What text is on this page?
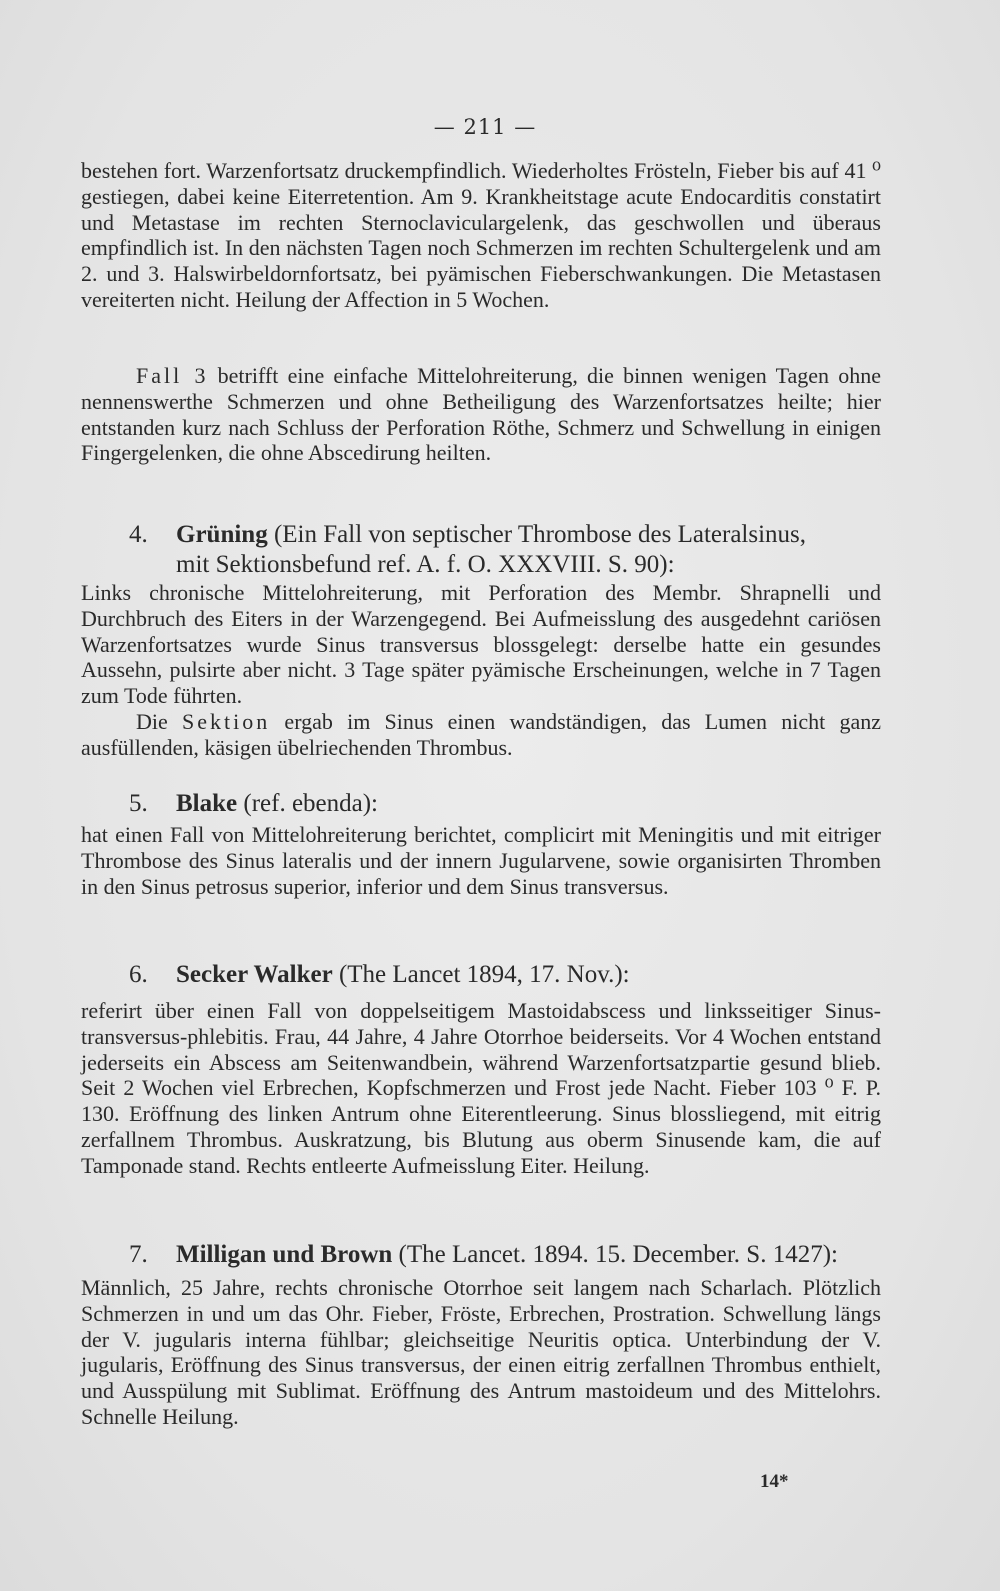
— 211 —

bestehen fort. Warzenfortsatz druckempfindlich. Wiederholtes Frösteln, Fieber bis auf 41 ⁰ gestiegen, dabei keine Eiterretention. Am 9. Krankheitstage acute Endocarditis constatirt und Metastase im rechten Sternoclaviculargelenk, das geschwollen und überaus empfindlich ist. In den nächsten Tagen noch Schmerzen im rechten Schultergelenk und am 2. und 3. Halswirbeldornfortsatz, bei pyämischen Fieberschwankungen. Die Metastasen vereiterten nicht. Heilung der Affection in 5 Wochen.

Fall 3 betrifft eine einfache Mittelohreiterung, die binnen wenigen Tagen ohne nennenswerthe Schmerzen und ohne Betheiligung des Warzenfortsatzes heilte; hier entstanden kurz nach Schluss der Perforation Röthe, Schmerz und Schwellung in einigen Fingergelenken, die ohne Abscedirung heilten.

4. Grüning (Ein Fall von septischer Thrombose des Lateralsinus,
mit Sektionsbefund ref. A. f. O. XXXVIII. S. 90):

Links chronische Mittelohreiterung, mit Perforation des Membr. Shrapnelli und Durchbruch des Eiters in der Warzengegend. Bei Aufmeisslung des ausgedehnt cariösen Warzenfortsatzes wurde Sinus transversus blossgelegt: derselbe hatte ein gesundes Aussehn, pulsirte aber nicht. 3 Tage später pyämische Erscheinungen, welche in 7 Tagen zum Tode führten.

Die Sektion ergab im Sinus einen wandständigen, das Lumen nicht ganz ausfüllenden, käsigen übelriechenden Thrombus.

5. Blake (ref. ebenda):

hat einen Fall von Mittelohreiterung berichtet, complicirt mit Meningitis und mit eitriger Thrombose des Sinus lateralis und der innern Jugularvene, sowie organisirten Thromben in den Sinus petrosus superior, inferior und dem Sinus transversus.

6. Secker Walker (The Lancet 1894, 17. Nov.):

referirt über einen Fall von doppelseitigem Mastoidabscess und linksseitiger Sinus-transversus-phlebitis. Frau, 44 Jahre, 4 Jahre Otorrhoe beiderseits. Vor 4 Wochen entstand jederseits ein Abscess am Seitenwandbein, während Warzenfortsatzpartie gesund blieb. Seit 2 Wochen viel Erbrechen, Kopfschmerzen und Frost jede Nacht. Fieber 103 ⁰ F. P. 130. Eröffnung des linken Antrum ohne Eiterentleerung. Sinus blossliegend, mit eitrig zerfallnem Thrombus. Auskratzung, bis Blutung aus oberm Sinusende kam, die auf Tamponade stand. Rechts entleerte Aufmeisslung Eiter. Heilung.

7. Milligan und Brown (The Lancet. 1894. 15. December. S. 1427):

Männlich, 25 Jahre, rechts chronische Otorrhoe seit langem nach Scharlach. Plötzlich Schmerzen in und um das Ohr. Fieber, Fröste, Erbrechen, Prostration. Schwellung längs der V. jugularis interna fühlbar; gleichseitige Neuritis optica. Unterbindung der V. jugularis, Eröffnung des Sinus transversus, der einen eitrig zerfallnen Thrombus enthielt, und Ausspülung mit Sublimat. Eröffnung des Antrum mastoideum und des Mittelohrs. Schnelle Heilung.

14*
